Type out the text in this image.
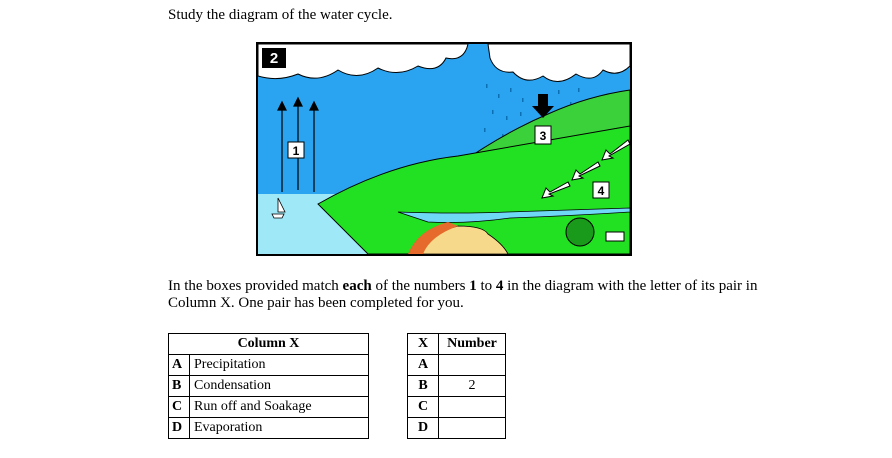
Study the diagram of the water cycle.
2
1
3
4
In the boxes provided match each of the numbers 1 to 4 in the diagram with the letter of its pair in Column X. One pair has been completed for you.
Column X	
A	Precipitation
B	Condensation
C	Run off and Soakage
D	Evaporation
X	Number
A	
B	2
C	
D	
